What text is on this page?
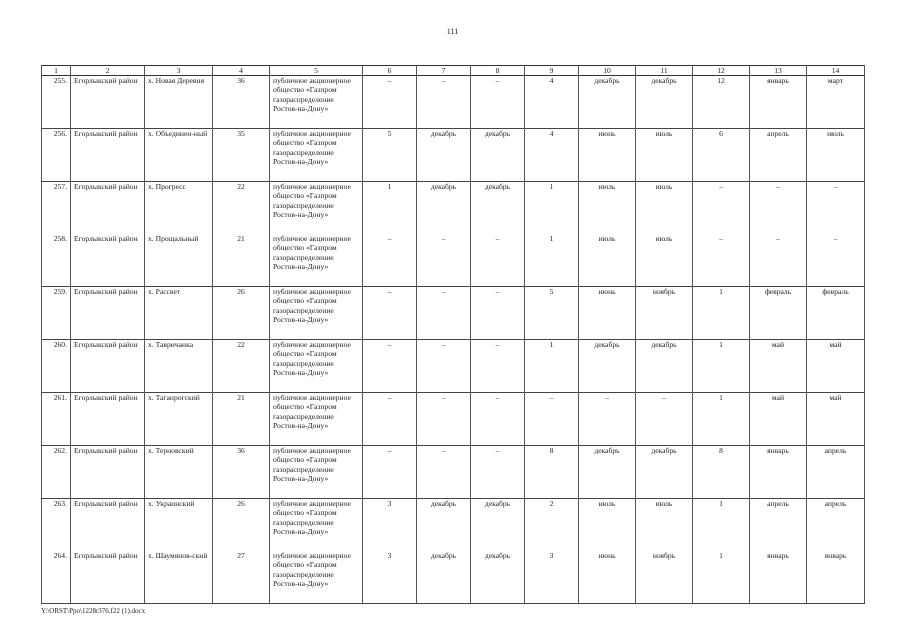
111
1	2	3	4	5	6	7	8	9	10	11	12	13	14
255.	Егорлыкский район	х. Новая Деревня	36	публичное акционерное общество «Газпром газораспределение Ростов-на-Дону»	–	–	–	4	декабрь	декабрь	12	январь	март
256.	Егорлыкский район	х. Объединен-ный	35	публичное акционерное общество «Газпром газораспределение Ростов-на-Дону»	5	декабрь	декабрь	4	июнь	июль	6	апрель	июль
257.	Егорлыкский район	х. Прогресс	22	публичное акционерное общество «Газпром газораспределение Ростов-на-Дону»	1	декабрь	декабрь	1	июль	июль	–	–	–
258.	Егорлыкский район	х. Прощальный	21	публичное акционерное общество «Газпром газораспределение Ростов-на-Дону»	–	–	–	1	июль	июль	–	–	–
259.	Егорлыкский район	х. Рассвет	26	публичное акционерное общество «Газпром газораспределение Ростов-на-Дону»	–	–	–	5	июнь	ноябрь	1	февраль	февраль
260.	Егорлыкский район	х. Тавричанка	22	публичное акционерное общество «Газпром газораспределение Ростов-на-Дону»	–	–	–	1	декабрь	декабрь	1	май	май
261.	Егорлыкский район	х. Таганрогский	21	публичное акционерное общество «Газпром газораспределение Ростов-на-Дону»	–	–	–	–	–	–	1	май	май
262.	Егорлыкский район	х. Терновский	36	публичное акционерное общество «Газпром газораспределение Ростов-на-Дону»	–	–	–	8	декабрь	декабрь	8	январь	апрель
263.	Егорлыкский район	х. Украинский	26	публичное акционерное общество «Газпром газораспределение Ростов-на-Дону»	3	декабрь	декабрь	2	июль	июль	1	апрель	апрель
264.	Егорлыкский район	х. Шаумянов-ский	27	публичное акционерное общество «Газпром газораспределение Ростов-на-Дону»	3	декабрь	декабрь	3	июнь	ноябрь	1	январь	январь
Y:\ORST\Ppo\1228r376.f22 (1).docx
